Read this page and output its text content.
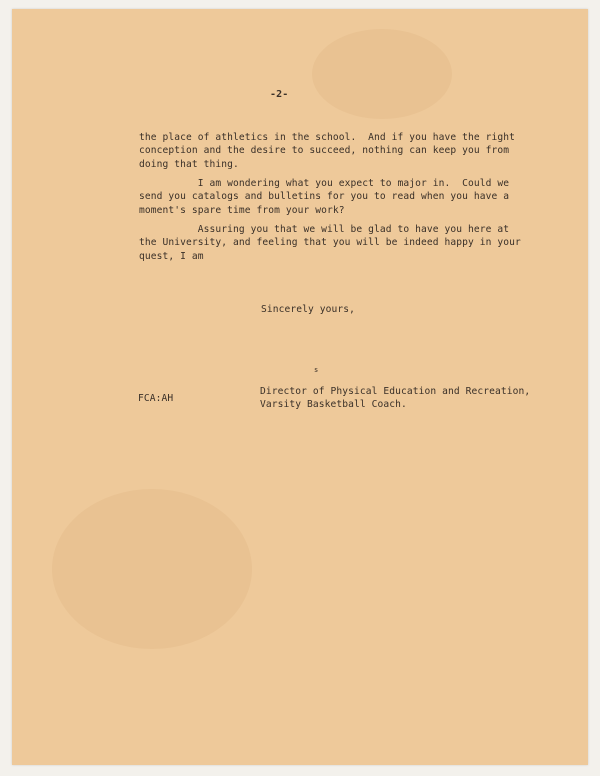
-2-
the place of athletics in the school.  And if you have the right
conception and the desire to succeed, nothing can keep you from
doing that thing.
I am wondering what you expect to major in.  Could we
send you catalogs and bulletins for you to read when you have a
moment's spare time from your work?
Assuring you that we will be glad to have you here at
the University, and feeling that you will be indeed happy in your
quest, I am
Sincerely yours,
s
FCA:AH
Director of Physical Education and Recreation,
Varsity Basketball Coach.
